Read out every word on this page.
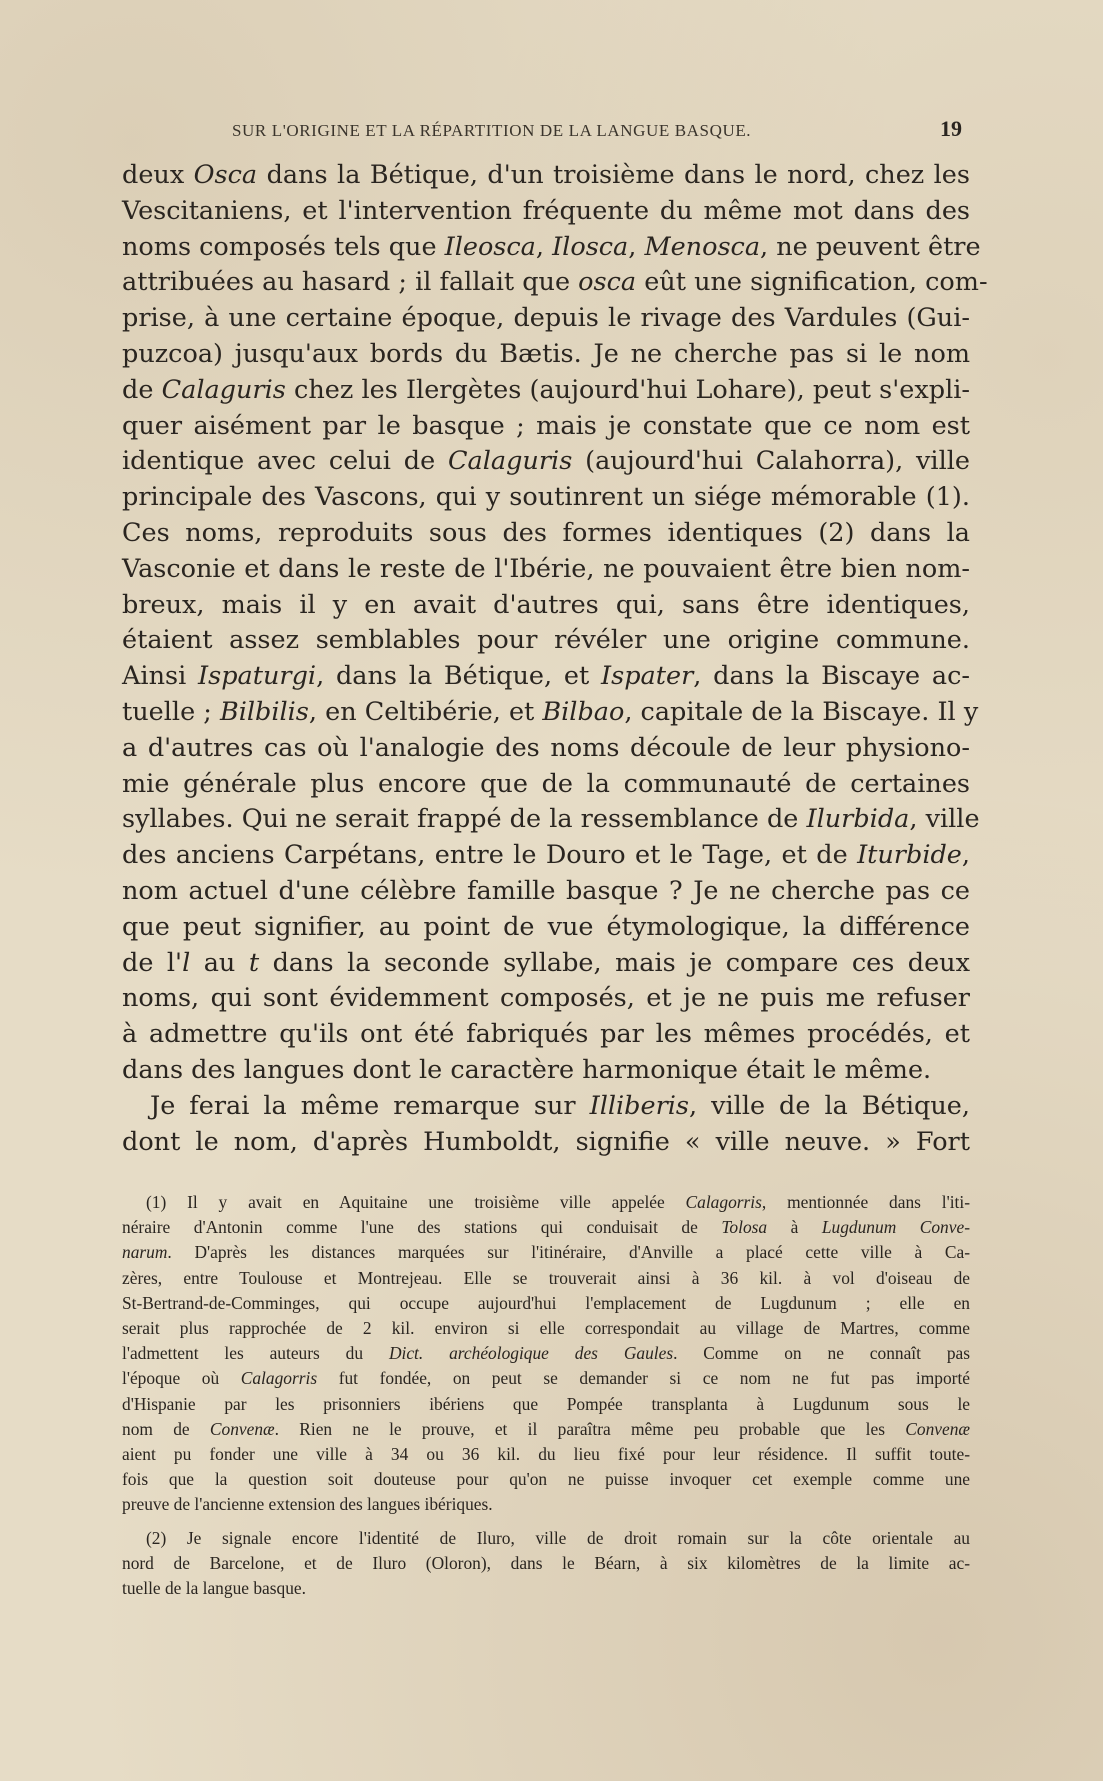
SUR L'ORIGINE ET LA RÉPARTITION DE LA LANGUE BASQUE.	19
deux Osca dans la Bétique, d'un troisième dans le nord, chez les
Vescitaniens, et l'intervention fréquente du même mot dans des
noms composés tels que Ileosca, Ilosca, Menosca, ne peuvent être
attribuées au hasard ; il fallait que osca eût une signification, com-
prise, à une certaine époque, depuis le rivage des Vardules (Gui-
puzcoa) jusqu'aux bords du Bætis. Je ne cherche pas si le nom
de Calaguris chez les Ilergètes (aujourd'hui Lohare), peut s'expli-
quer aisément par le basque ; mais je constate que ce nom est
identique avec celui de Calaguris (aujourd'hui Calahorra), ville
principale des Vascons, qui y soutinrent un siége mémorable (1).
Ces noms, reproduits sous des formes identiques (2) dans la
Vasconie et dans le reste de l'Ibérie, ne pouvaient être bien nom-
breux, mais il y en avait d'autres qui, sans être identiques,
étaient assez semblables pour révéler une origine commune.
Ainsi Ispaturgi, dans la Bétique, et Ispater, dans la Biscaye ac-
tuelle ; Bilbilis, en Celtibérie, et Bilbao, capitale de la Biscaye. Il y
a d'autres cas où l'analogie des noms découle de leur physiono-
mie générale plus encore que de la communauté de certaines
syllabes. Qui ne serait frappé de la ressemblance de Ilurbida, ville
des anciens Carpétans, entre le Douro et le Tage, et de Iturbide,
nom actuel d'une célèbre famille basque ? Je ne cherche pas ce
que peut signifier, au point de vue étymologique, la différence
de l'l au t dans la seconde syllabe, mais je compare ces deux
noms, qui sont évidemment composés, et je ne puis me refuser
à admettre qu'ils ont été fabriqués par les mêmes procédés, et
dans des langues dont le caractère harmonique était le même.
Je ferai la même remarque sur Illiberis, ville de la Bétique,
dont le nom, d'après Humboldt, signifie « ville neuve. » Fort
(1) Il y avait en Aquitaine une troisième ville appelée Calagorris, mentionnée dans l'iti-
néraire d'Antonin comme l'une des stations qui conduisait de Tolosa à Lugdunum Conve-
narum. D'après les distances marquées sur l'itinéraire, d'Anville a placé cette ville à Ca-
zères, entre Toulouse et Montrejeau. Elle se trouverait ainsi à 36 kil. à vol d'oiseau de
St-Bertrand-de-Comminges, qui occupe aujourd'hui l'emplacement de Lugdunum ; elle en
serait plus rapprochée de 2 kil. environ si elle correspondait au village de Martres, comme
l'admettent les auteurs du Dict. archéologique des Gaules. Comme on ne connaît pas
l'époque où Calagorris fut fondée, on peut se demander si ce nom ne fut pas importé
d'Hispanie par les prisonniers ibériens que Pompée transplanta à Lugdunum sous le
nom de Convenæ. Rien ne le prouve, et il paraîtra même peu probable que les Convenæ
aient pu fonder une ville à 34 ou 36 kil. du lieu fixé pour leur résidence. Il suffit toute-
fois que la question soit douteuse pour qu'on ne puisse invoquer cet exemple comme une
preuve de l'ancienne extension des langues ibériques.
(2) Je signale encore l'identité de Iluro, ville de droit romain sur la côte orientale au
nord de Barcelone, et de Iluro (Oloron), dans le Béarn, à six kilomètres de la limite ac-
tuelle de la langue basque.
